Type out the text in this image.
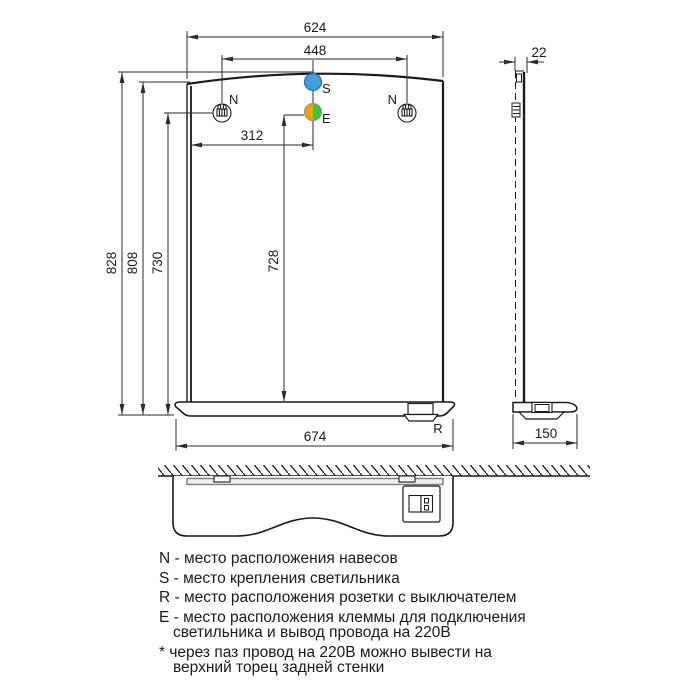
R
N	N
S
E
624
448
312
828 808 730	728
674
22
150

N - место расположения навесов

S - место крепления светильника

R - место расположения розетки с выключателем

E - место расположения клеммы для подключения
светильника и вывод провода на 220В

* через паз провод на 220В можно вывести на
верхний торец задней стенки
